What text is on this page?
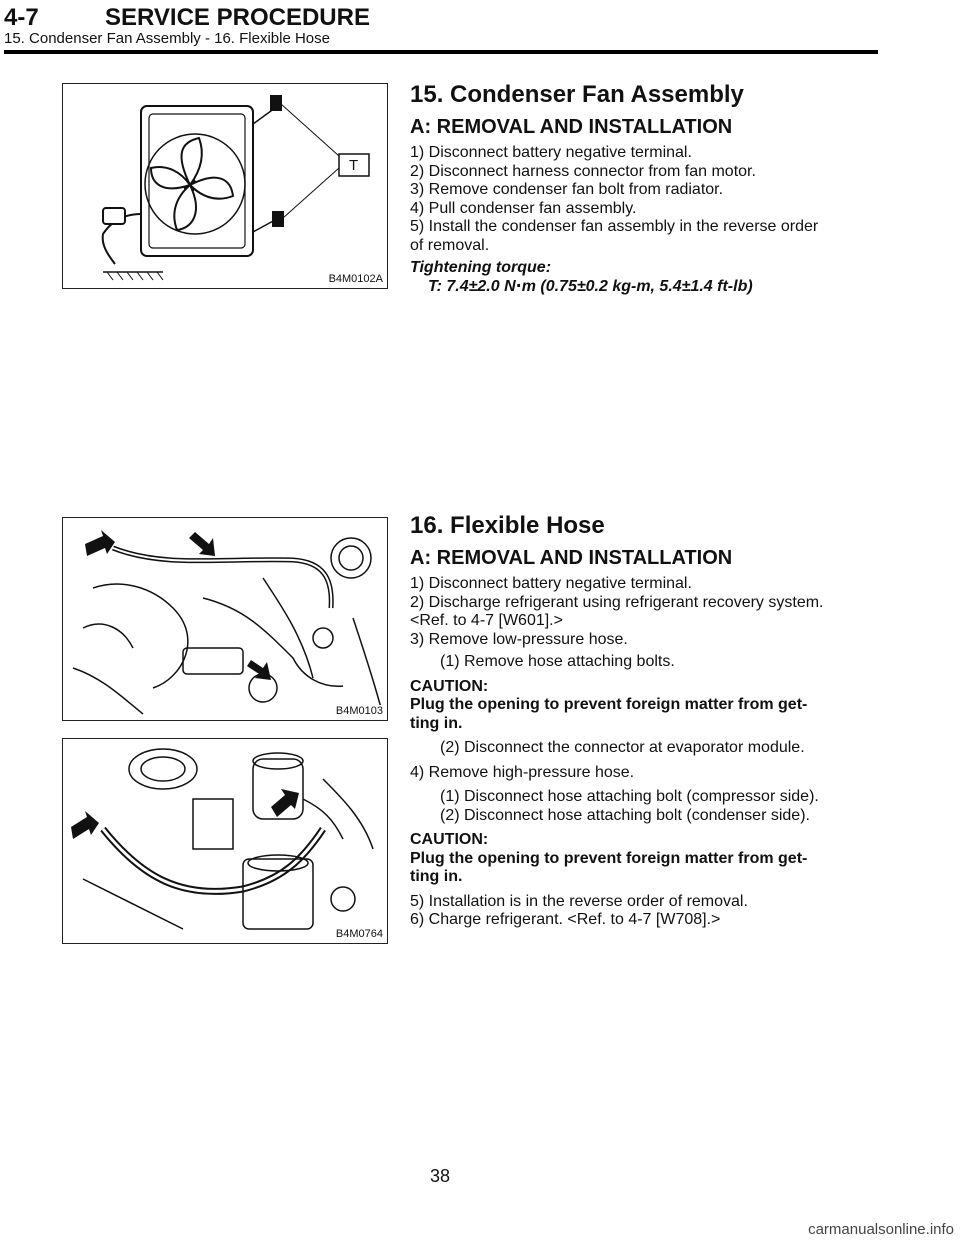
4-7	SERVICE PROCEDURE
15. Condenser Fan Assembly - 16. Flexible Hose
T
B4M0102A
15. Condenser Fan Assembly
A: REMOVAL AND INSTALLATION
1) Disconnect battery negative terminal.
2) Disconnect harness connector from fan motor.
3) Remove condenser fan bolt from radiator.
4) Pull condenser fan assembly.
5) Install the condenser fan assembly in the reverse order
of removal.
Tightening torque:
T: 7.4±2.0 N⋅m (0.75±0.2 kg-m, 5.4±1.4 ft-lb)
B4M0103
B4M0764
16. Flexible Hose
A: REMOVAL AND INSTALLATION
1) Disconnect battery negative terminal.
2) Discharge refrigerant using refrigerant recovery system.
<Ref. to 4-7 [W601].>
3) Remove low-pressure hose.
(1) Remove hose attaching bolts.
CAUTION:
Plug the opening to prevent foreign matter from get-
ting in.
(2) Disconnect the connector at evaporator module.
4) Remove high-pressure hose.
(1) Disconnect hose attaching bolt (compressor side).
(2) Disconnect hose attaching bolt (condenser side).
CAUTION:
Plug the opening to prevent foreign matter from get-
ting in.
5) Installation is in the reverse order of removal.
6) Charge refrigerant. <Ref. to 4-7 [W708].>
38
carmanualsonline.info
